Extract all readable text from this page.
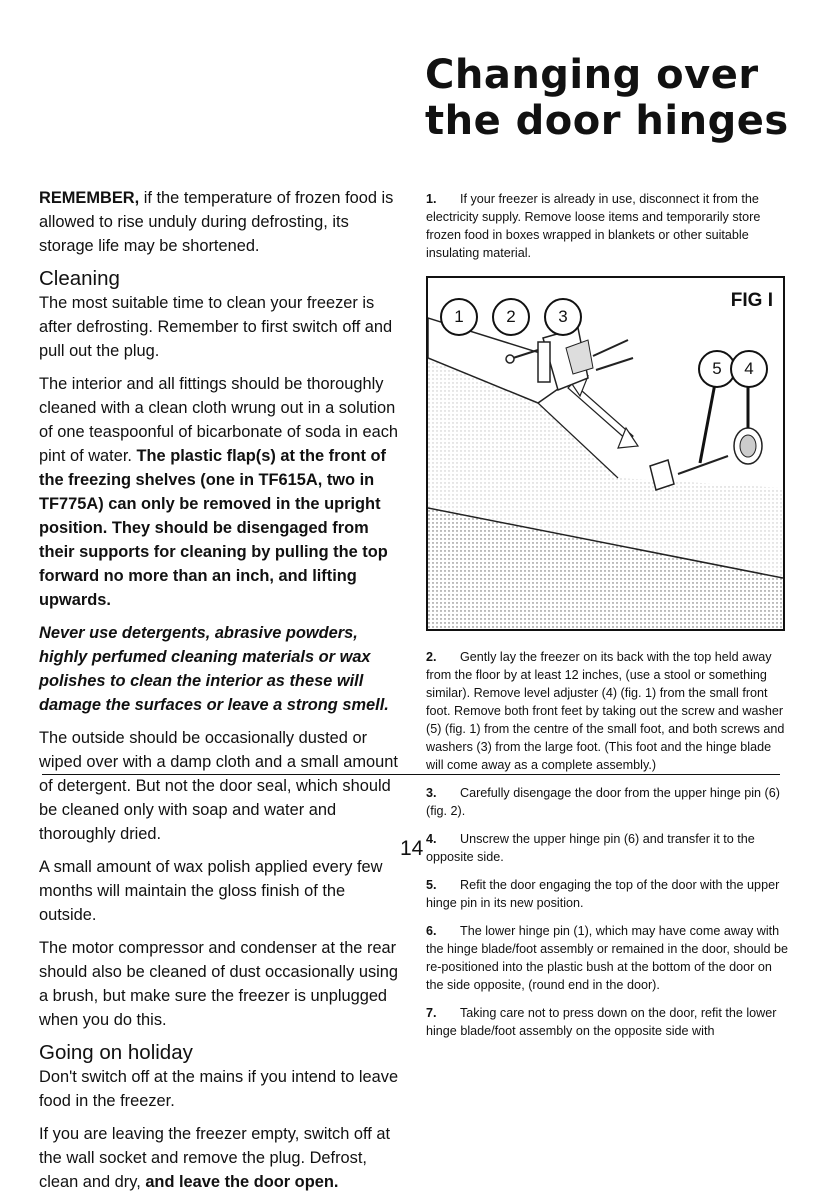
Changing over
the door hinges

REMEMBER, if the temperature of frozen food is allowed to rise unduly during defrosting, its storage life may be shortened.

Cleaning

The most suitable time to clean your freezer is after defrosting. Remember to first switch off and pull out the plug.

The interior and all fittings should be thoroughly cleaned with a clean cloth wrung out in a solution of one teaspoonful of bicarbonate of soda in each pint of water. The plastic flap(s) at the front of the freezing shelves (one in TF615A, two in TF775A) can only be removed in the upright position. They should be disengaged from their supports for cleaning by pulling the top forward no more than an inch, and lifting upwards.

Never use detergents, abrasive powders, highly perfumed cleaning materials or wax polishes to clean the interior as these will damage the surfaces or leave a strong smell.

The outside should be occasionally dusted or wiped over with a damp cloth and a small amount of detergent. But not the door seal, which should be cleaned only with soap and water and thoroughly dried.

A small amount of wax polish applied every few months will maintain the gloss finish of the outside.

The motor compressor and condenser at the rear should also be cleaned of dust occasionally using a brush, but make sure the freezer is unplugged when you do this.

Going on holiday

Don't switch off at the mains if you intend to leave food in the freezer.

If you are leaving the freezer empty, switch off at the wall socket and remove the plug. Defrost, clean and dry, and leave the door open.

1. If your freezer is already in use, disconnect it from the electricity supply. Remove loose items and temporarily store frozen food in boxes wrapped in blankets or other suitable insulating material.

FIG I
1	2	3
5	4

2. Gently lay the freezer on its back with the top held away from the floor by at least 12 inches, (use a stool or something similar). Remove level adjuster (4) (fig. 1) from the small front foot. Remove both front feet by taking out the screw and washer (5) (fig. 1) from the centre of the small foot, and both screws and washers (3) from the large foot. (This foot and the hinge blade will come away as a complete assembly.)

3. Carefully disengage the door from the upper hinge pin (6) (fig. 2).

4. Unscrew the upper hinge pin (6) and transfer it to the opposite side.

5. Refit the door engaging the top of the door with the upper hinge pin in its new position.

6. The lower hinge pin (1), which may have come away with the hinge blade/foot assembly or remained in the door, should be re-positioned into the plastic bush at the bottom of the door on the side opposite, (round end in the door).

7. Taking care not to press down on the door, refit the lower hinge blade/foot assembly on the opposite side with

14
